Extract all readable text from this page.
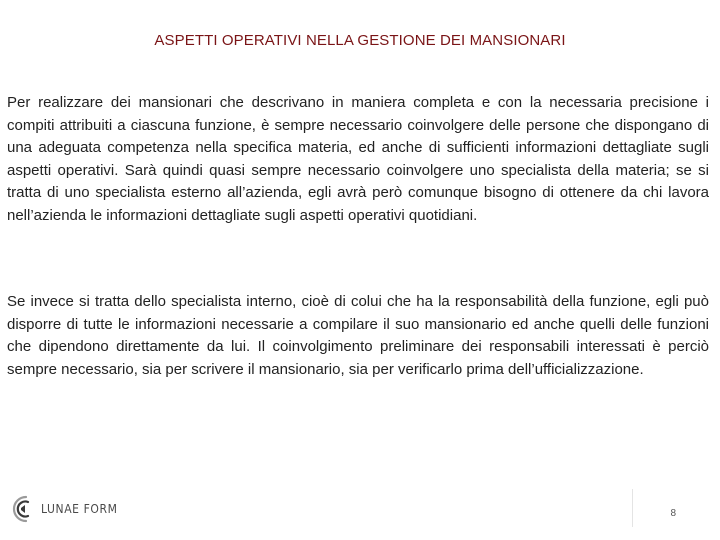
ASPETTI OPERATIVI NELLA GESTIONE DEI MANSIONARI

Per realizzare dei mansionari che descrivano in maniera completa e con la necessaria precisione i compiti attribuiti a ciascuna funzione, è sempre necessario coinvolgere delle persone che dispongano di una adeguata competenza nella specifica materia, ed anche di sufficienti informazioni dettagliate sugli aspetti operativi. Sarà quindi quasi sempre necessario coinvolgere uno specialista della materia; se si tratta di uno specialista esterno all’azienda, egli avrà però comunque bisogno di ottenere da chi lavora nell’azienda le informazioni dettagliate sugli aspetti operativi quotidiani.

Se invece si tratta dello specialista interno, cioè di colui che ha la responsabilità della funzione, egli può disporre di tutte le informazioni necessarie a compilare il suo mansionario ed anche quelli delle funzioni che dipendono direttamente da lui. Il coinvolgimento preliminare dei responsabili interessati è perciò sempre necessario, sia per scrivere il mansionario, sia per verificarlo prima dell’ufficializzazione.

LUNAE FORM	8
